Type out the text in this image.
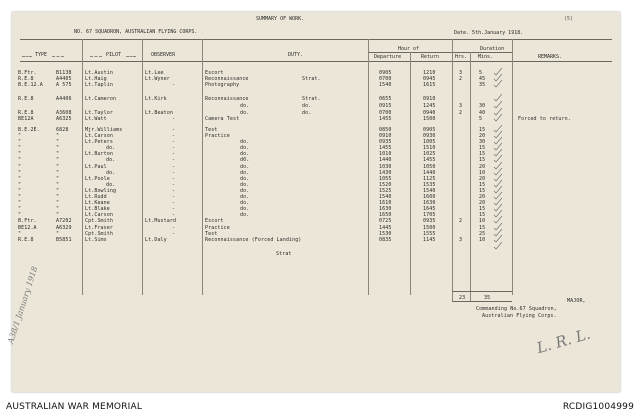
SUMMARY OF WORK.	(5)
NO. 67 SQUADRON, AUSTRALIAN FLYING CORPS.	Date. 5th.January 1918.
TYPE	PILOT	OBSERVER	DUTY.
Hour of	Duration
Departure	Return	Hrs. Mins.	REMARKS.
B.Ftr.	B1138	Lt.Austin	Lt.Lee	Escort	0905	1210	3	5
R.E.8	A4405	Lt.Haig	Lt.Wyner	Reconnaissance	Strat.	0700	0945	2	45
B.E.12.A	A 575	Lt.Taplin	-	Photography	1540	1615	35
R.E.8	A4406	Lt.Cameron	Lt.Kirk	Reconnaissance	Strat.	0655	0910
do.	do.	0915	1245	3	30
R.E.8	A3608	Lt.Taylor	Lt.Beaton	do.	do.	0700	0940	2	40
BE12A	A6325	Lt.Watt	-	Camera Test	1455	1500	5	Forced to return.
B.E.2E.	6828	Mjr.Williams	-	Test	0850	0905	15
"	"	Lt.Carson	-	Practice	0910	0930	20
"	"	Lt.Peters	-	do.	0935	1005	30
"	"	do.	-	do.	1455	1510	15
"	"	Lt.Burton	-	do.	1010	1025	15
"	"	do.	-	d0.	1440	1455	15
"	"	Lt.Paul	-	do.	1030	1050	20
"	"	do.	-	do.	1430	1440	10
"	"	Lt.Poole	-	do.	1055	1125	20
"	"	do.	-	do.	1520	1535	15
"	"	Lt.Bowling	-	do.	1525	1540	15
"	"	Lt.Rudd	-	do.	1540	1600	20
"	"	Lt.Keane	-	do.	1610	1630	20
"	"	Lt.Blake	-	do.	1630	1645	15
"	"	Lt.Carson	-	do.	1650	1705	15
B.Ftr.	A7202	Cpt.Smith	Lt.Mustard	Escort	0725	0935	2	10
BE12.A	A6329	Lt.Fraser	-	Practice	1445	1500	15
"	"	Cpt.Smith	-	Test	1530	1555	25
R.E.8	B5851	Lt.Sims	Lt.Daly	Reconnaissance (Forced Landing)	0835	1145	3	10
Strat
23	35	MAJOR,
Commanding No.67 Squadron,
Australian Flying Corps.
A38/1 January 1918	L. R. L.
AUSTRALIAN WAR MEMORIAL	RCDIG1004999
